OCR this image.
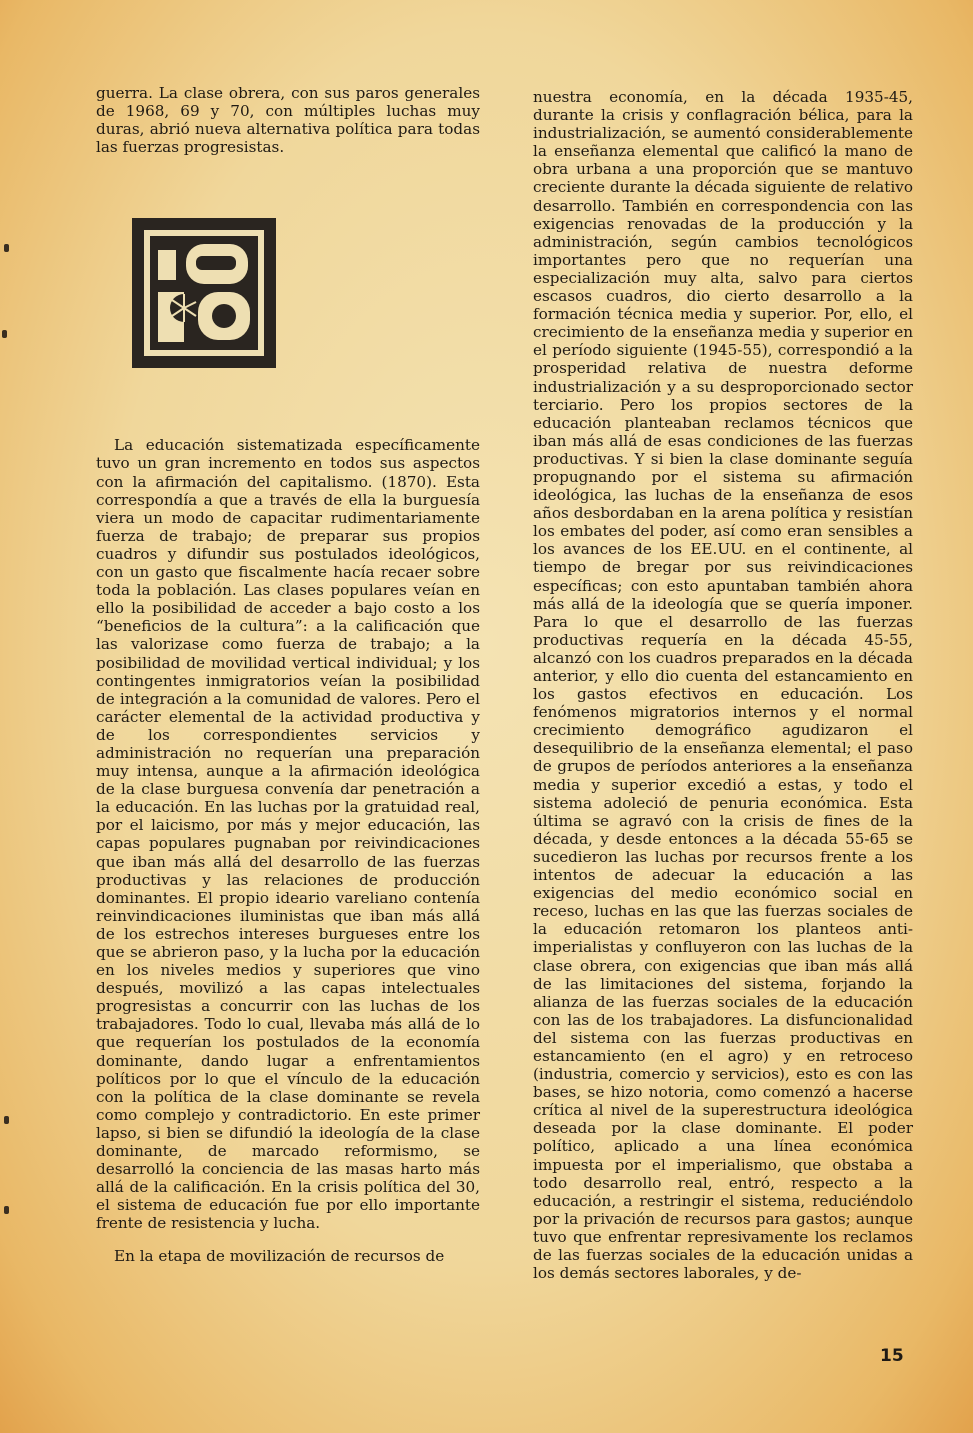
guerra. La clase obrera, con sus paros generales de 1968, 69 y 70, con múltiples luchas muy duras, abrió nueva alternativa política para todas las fuerzas progresistas.

La educación sistematizada específicamente tuvo un gran incremento en todos sus aspectos con la afirmación del capitalismo. (1870). Esta correspondía a que a través de ella la burguesía viera un modo de capacitar rudimentariamente fuerza de trabajo; de preparar sus propios cuadros y difundir sus postulados ideológicos, con un gasto que fiscalmente hacía recaer sobre toda la población. Las clases populares veían en ello la posibilidad de acceder a bajo costo a los “beneficios de la cultura”: a la calificación que las valorizase como fuerza de trabajo; a la posibilidad de movilidad vertical individual; y los contingentes inmigratorios veían la posibilidad de integración a la comunidad de valores. Pero el carácter elemental de la actividad productiva y de los correspondientes servicios y administración no requerían una preparación muy intensa, aunque a la afirmación ideológica de la clase burguesa convenía dar penetración a la educación. En las luchas por la gratuidad real, por el laicismo, por más y mejor educación, las capas populares pugnaban por reivindicaciones que iban más allá del desarrollo de las fuerzas productivas y las relaciones de producción dominantes. El propio ideario vareliano contenía reinvindicaciones iluministas que iban más allá de los estrechos intereses burgueses entre los que se abrieron paso, y la lucha por la educación en los niveles medios y superiores que vino después, movilizó a las capas intelectuales progresistas a concurrir con las luchas de los trabajadores. Todo lo cual, llevaba más allá de lo que requerían los postulados de la economía dominante, dando lugar a enfrentamientos políticos por lo que el vínculo de la educación con la política de la clase dominante se revela como complejo y contradictorio. En este primer lapso, si bien se difundió la ideología de la clase dominante, de marcado reformismo, se desarrolló la conciencia de las masas harto más allá de la calificación. En la crisis política del 30, el sistema de educación fue por ello importante frente de resistencia y lucha.

En la etapa de movilización de recursos de

nuestra economía, en la década 1935-45, durante la crisis y conflagración bélica, para la industrialización, se aumentó considerablemente la enseñanza elemental que calificó la mano de obra urbana a una proporción que se mantuvo creciente durante la década siguiente de relativo desarrollo. También en correspondencia con las exigencias renovadas de la producción y la administración, según cambios tecnológicos importantes pero que no requerían una especialización muy alta, salvo para ciertos escasos cuadros, dio cierto desarrollo a la formación técnica media y superior. Por, ello, el crecimiento de la enseñanza media y superior en el período siguiente (1945-55), correspondió a la prosperidad relativa de nuestra deforme industrialización y a su desproporcionado sector terciario. Pero los propios sectores de la educación planteaban reclamos técnicos que iban más allá de esas condiciones de las fuerzas productivas. Y si bien la clase dominante seguía propugnando por el sistema su afirmación ideológica, las luchas de la enseñanza de esos años desbordaban en la arena política y resistían los embates del poder, así como eran sensibles a los avances de los EE.UU. en el continente, al tiempo de bregar por sus reivindicaciones específicas; con esto apuntaban también ahora más allá de la ideología que se quería imponer. Para lo que el desarrollo de las fuerzas productivas requería en la década 45-55, alcanzó con los cuadros preparados en la década anterior, y ello dio cuenta del estancamiento en los gastos efectivos en educación. Los fenómenos migratorios internos y el normal crecimiento demográfico agudizaron el desequilibrio de la enseñanza elemental; el paso de grupos de períodos anteriores a la enseñanza media y superior excedió a estas, y todo el sistema adoleció de penuria económica. Esta última se agravó con la crisis de fines de la década, y desde entonces a la década 55-65 se sucedieron las luchas por recursos frente a los intentos de adecuar la educación a las exigencias del medio económico social en receso, luchas en las que las fuerzas sociales de la educación retomaron los planteos anti-imperialistas y confluyeron con las luchas de la clase obrera, con exigencias que iban más allá de las limitaciones del sistema, forjando la alianza de las fuerzas sociales de la educación con las de los trabajadores. La disfuncionalidad del sistema con las fuerzas productivas en estancamiento (en el agro) y en retroceso (industria, comercio y servicios), esto es con las bases, se hizo notoria, como comenzó a hacerse crítica al nivel de la superestructura ideológica deseada por la clase dominante. El poder político, aplicado a una línea económica impuesta por el imperialismo, que obstaba a todo desarrollo real, entró, respecto a la educación, a restringir el sistema, reduciéndolo por la privación de recursos para gastos; aunque tuvo que enfrentar represivamente los reclamos de las fuerzas sociales de la educación unidas a los demás sectores laborales, y de-

15
